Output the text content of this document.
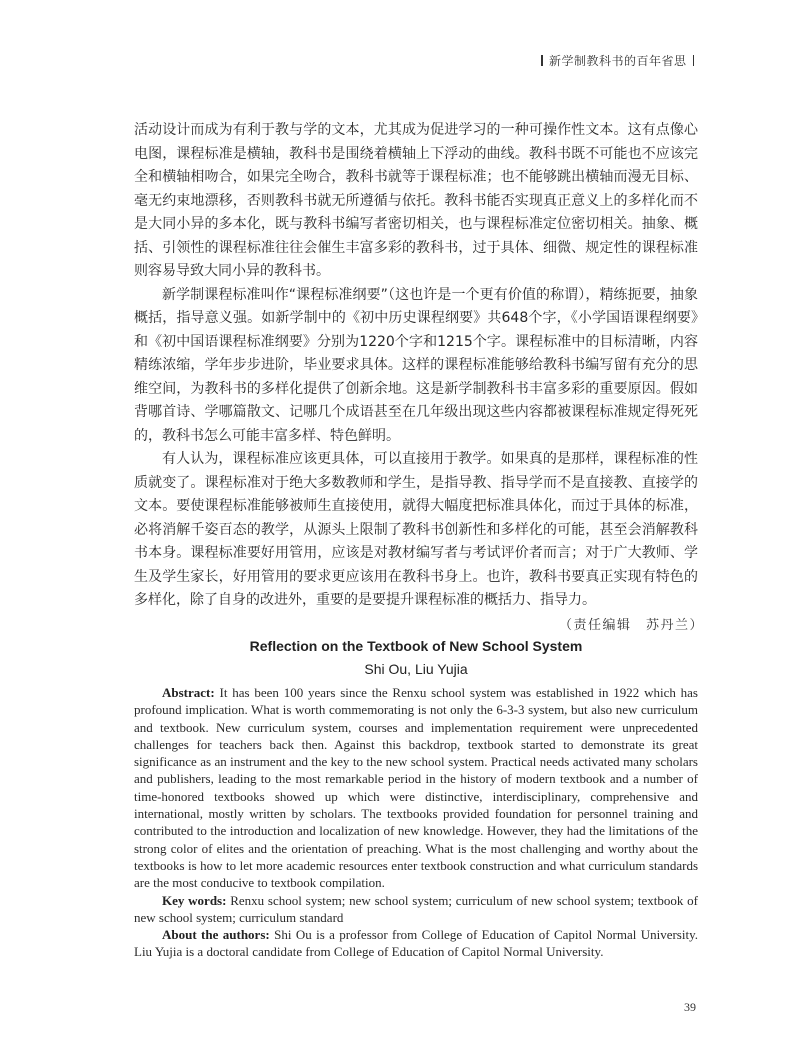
新学制教科书的百年省思

活动设计而成为有利于教与学的文本，尤其成为促进学习的一种可操作性文本。这有点像心电图，课程标准是横轴，教科书是围绕着横轴上下浮动的曲线。教科书既不可能也不应该完全和横轴相吻合，如果完全吻合，教科书就等于课程标准；也不能够跳出横轴而漫无目标、毫无约束地漂移，否则教科书就无所遵循与依托。教科书能否实现真正意义上的多样化而不是大同小异的多本化，既与教科书编写者密切相关，也与课程标准定位密切相关。抽象、概括、引领性的课程标准往往会催生丰富多彩的教科书，过于具体、细微、规定性的课程标准则容易导致大同小异的教科书。

新学制课程标准叫作“课程标准纲要”（这也许是一个更有价值的称谓），精练扼要，抽象概括，指导意义强。如新学制中的《初中历史课程纲要》共648个字，《小学国语课程纲要》和《初中国语课程标准纲要》分别为1220个字和1215个字。课程标准中的目标清晰，内容精练浓缩，学年步步进阶，毕业要求具体。这样的课程标准能够给教科书编写留有充分的思维空间，为教科书的多样化提供了创新余地。这是新学制教科书丰富多彩的重要原因。假如背哪首诗、学哪篇散文、记哪几个成语甚至在几年级出现这些内容都被课程标准规定得死死的，教科书怎么可能丰富多样、特色鲜明。

有人认为，课程标准应该更具体，可以直接用于教学。如果真的是那样，课程标准的性质就变了。课程标准对于绝大多数教师和学生，是指导教、指导学而不是直接教、直接学的文本。要使课程标准能够被师生直接使用，就得大幅度把标准具体化，而过于具体的标准，必将消解千姿百态的教学，从源头上限制了教科书创新性和多样化的可能，甚至会消解教科书本身。课程标准要好用管用，应该是对教材编写者与考试评价者而言；对于广大教师、学生及学生家长，好用管用的要求更应该用在教科书身上。也许，教科书要真正实现有特色的多样化，除了自身的改进外，重要的是要提升课程标准的概括力、指导力。

（责任编辑　苏丹兰）
Reflection on the Textbook of New School System
Shi Ou, Liu Yujia

Abstract: It has been 100 years since the Renxu school system was established in 1922 which has profound implication. What is worth commemorating is not only the 6-3-3 system, but also new curriculum and textbook. New curriculum system, courses and implementation requirement were unprecedented challenges for teachers back then. Against this backdrop, textbook started to demonstrate its great significance as an instrument and the key to the new school system. Practical needs activated many scholars and publishers, leading to the most remarkable period in the history of modern textbook and a number of time-honored textbooks showed up which were distinctive, interdisciplinary, comprehensive and international, mostly written by scholars. The textbooks provided foundation for personnel training and contributed to the introduction and localization of new knowledge. However, they had the limitations of the strong color of elites and the orientation of preaching. What is the most challenging and worthy about the textbooks is how to let more academic resources enter textbook construction and what curriculum standards are the most conducive to textbook compilation.

Key words: Renxu school system; new school system; curriculum of new school system; textbook of new school system; curriculum standard

About the authors: Shi Ou is a professor from College of Education of Capitol Normal University. Liu Yujia is a doctoral candidate from College of Education of Capitol Normal University.

39
